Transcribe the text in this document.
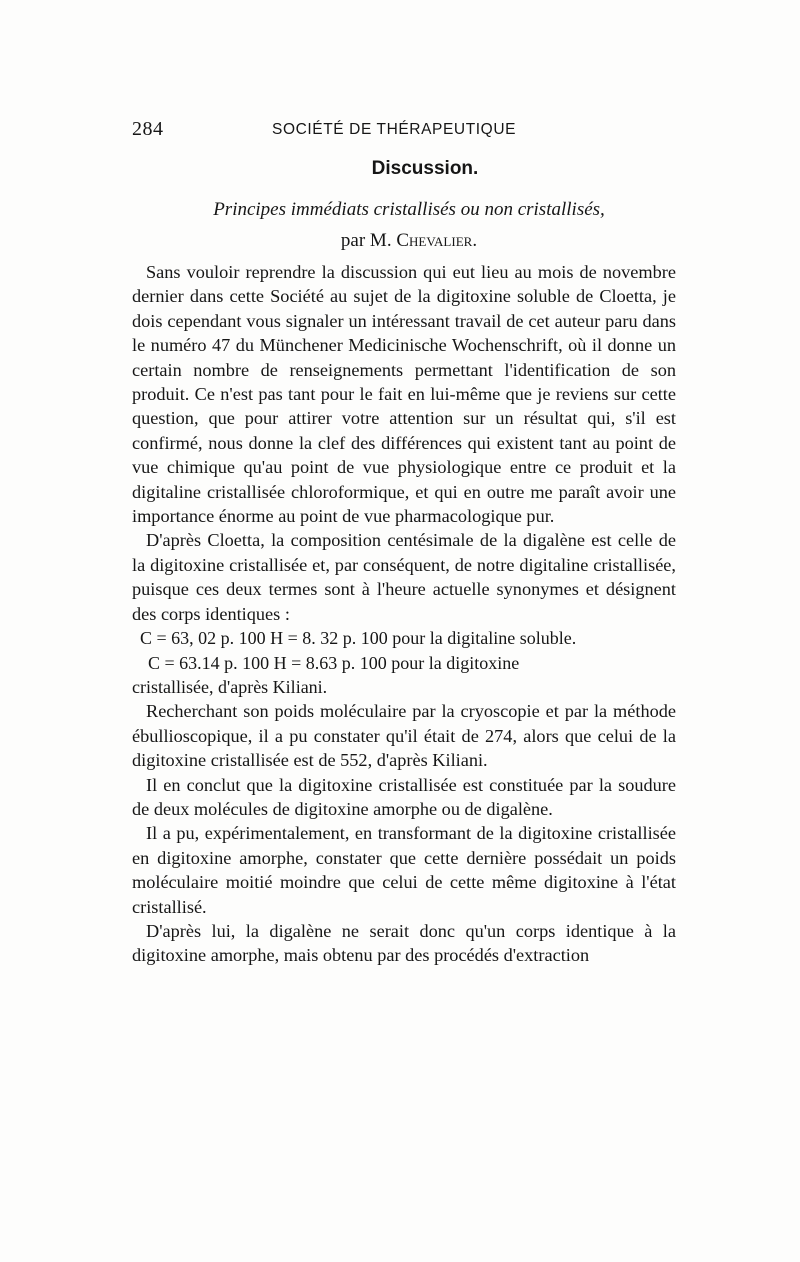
284	SOCIÉTÉ DE THÉRAPEUTIQUE
Discussion.
Principes immédiats cristallisés ou non cristallisés,
par M. Chevalier.

Sans vouloir reprendre la discussion qui eut lieu au mois de novembre dernier dans cette Société au sujet de la digitoxine soluble de Cloetta, je dois cependant vous signaler un intéressant travail de cet auteur paru dans le numéro 47 du Münchener Medicinische Wochenschrift, où il donne un certain nombre de renseignements permettant l'identification de son produit. Ce n'est pas tant pour le fait en lui-même que je reviens sur cette question, que pour attirer votre attention sur un résultat qui, s'il est confirmé, nous donne la clef des différences qui existent tant au point de vue chimique qu'au point de vue physiologique entre ce produit et la digitaline cristallisée chloroformique, et qui en outre me paraît avoir une importance énorme au point de vue pharmacologique pur.

D'après Cloetta, la composition centésimale de la digalène est celle de la digitoxine cristallisée et, par conséquent, de notre digitaline cristallisée, puisque ces deux termes sont à l'heure actuelle synonymes et désignent des corps identiques :

C = 63, 02 p. 100 H = 8. 32 p. 100 pour la digitaline soluble.
C = 63.14 p. 100 H = 8.63 p. 100 pour la digitoxine
cristallisée, d'après Kiliani.

Recherchant son poids moléculaire par la cryoscopie et par la méthode ébullioscopique, il a pu constater qu'il était de 274, alors que celui de la digitoxine cristallisée est de 552, d'après Kiliani.

Il en conclut que la digitoxine cristallisée est constituée par la soudure de deux molécules de digitoxine amorphe ou de digalène.

Il a pu, expérimentalement, en transformant de la digitoxine cristallisée en digitoxine amorphe, constater que cette dernière possédait un poids moléculaire moitié moindre que celui de cette même digitoxine à l'état cristallisé.

D'après lui, la digalène ne serait donc qu'un corps identique à la digitoxine amorphe, mais obtenu par des procédés d'extraction
